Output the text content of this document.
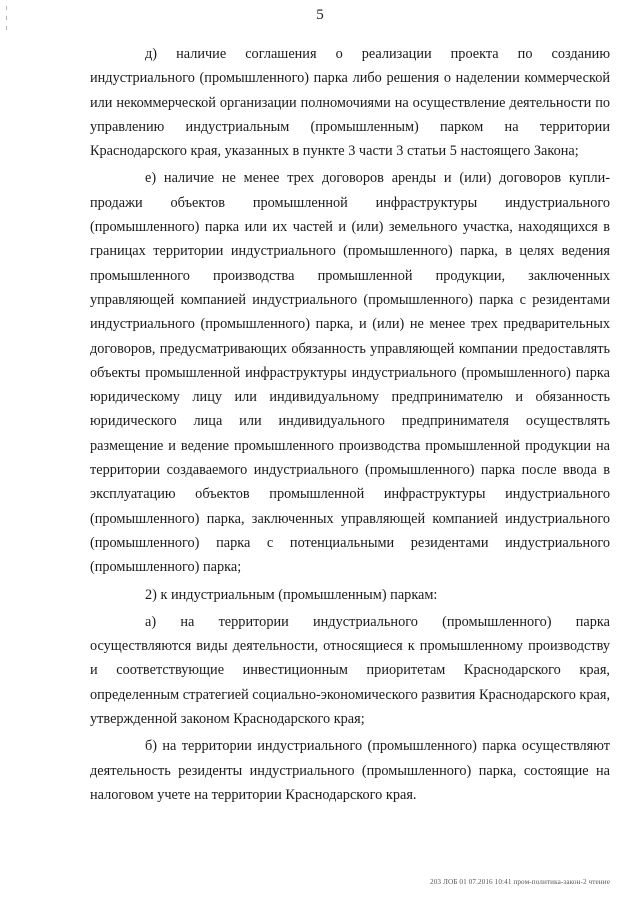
5

д) наличие соглашения о реализации проекта по созданию индустриального (промышленного) парка либо решения о наделении коммерческой или некоммерческой организации полномочиями на осуществление деятельности по управлению индустриальным (промышленным) парком на территории Краснодарского края, указанных в пункте 3 части 3 статьи 5 настоящего Закона;

е) наличие не менее трех договоров аренды и (или) договоров купли-продажи объектов промышленной инфраструктуры индустриального (промышленного) парка или их частей и (или) земельного участка, находящихся в границах территории индустриального (промышленного) парка, в целях ведения промышленного производства промышленной продукции, заключенных управляющей компанией индустриального (промышленного) парка с резидентами индустриального (промышленного) парка, и (или) не менее трех предварительных договоров, предусматривающих обязанность управляющей компании предоставлять объекты промышленной инфраструктуры индустриального (промышленного) парка юридическому лицу или индивидуальному предпринимателю и обязанность юридического лица или индивидуального предпринимателя осуществлять размещение и ведение промышленного производства промышленной продукции на территории создаваемого индустриального (промышленного) парка после ввода в эксплуатацию объектов промышленной инфраструктуры индустриального (промышленного) парка, заключенных управляющей компанией индустриального (промышленного) парка с потенциальными резидентами индустриального (промышленного) парка;

2) к индустриальным (промышленным) паркам:

а) на территории индустриального (промышленного) парка осуществляются виды деятельности, относящиеся к промышленному производству и соответствующие инвестиционным приоритетам Краснодарского края, определенным стратегией социально-экономического развития Краснодарского края, утвержденной законом Краснодарского края;

б) на территории индустриального (промышленного) парка осуществляют деятельность резиденты индустриального (промышленного) парка, состоящие на налоговом учете на территории Краснодарского края.

203 ЛОБ 01 07.2016 10:41 пром-политика-закон-2 чтение
